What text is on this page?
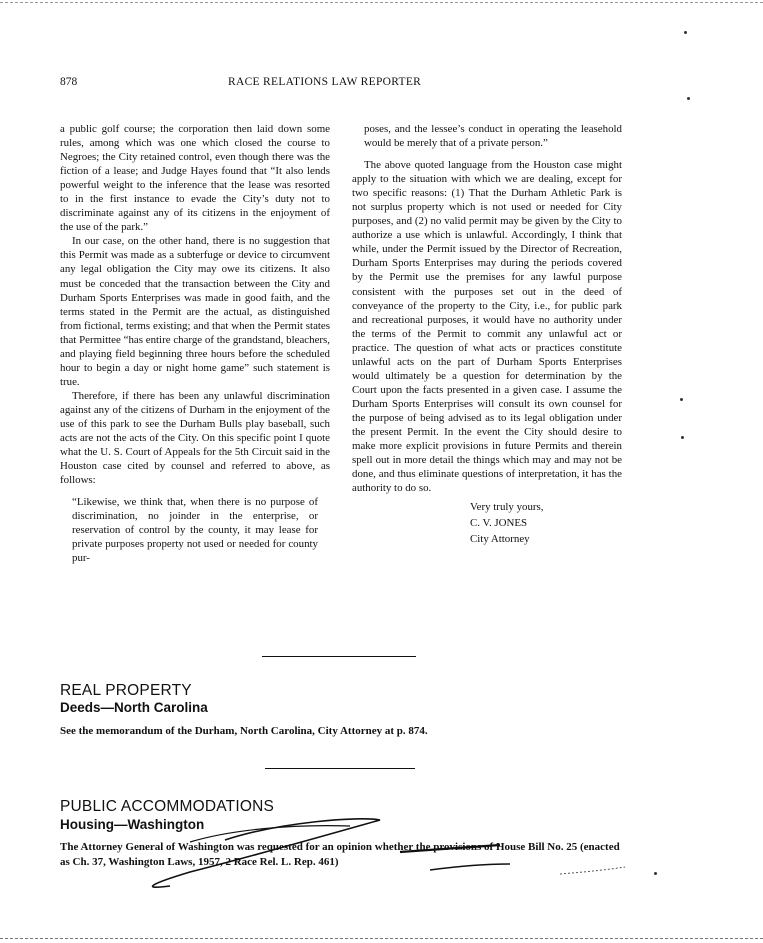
878	RACE RELATIONS LAW REPORTER

a public golf course; the corporation then laid down some rules, among which was one which closed the course to Negroes; the City retained control, even though there was the fiction of a lease; and Judge Hayes found that “It also lends powerful weight to the inference that the lease was resorted to in the first instance to evade the City’s duty not to discriminate against any of its citizens in the enjoyment of the use of the park.”

In our case, on the other hand, there is no suggestion that this Permit was made as a subterfuge or device to circumvent any legal obligation the City may owe its citizens. It also must be conceded that the transaction between the City and Durham Sports Enterprises was made in good faith, and the terms stated in the Permit are the actual, as distinguished from fictional, terms existing; and that when the Permit states that Permittee “has entire charge of the grandstand, bleachers, and playing field beginning three hours before the scheduled hour to begin a day or night home game” such statement is true.

Therefore, if there has been any unlawful discrimination against any of the citizens of Durham in the enjoyment of the use of this park to see the Durham Bulls play baseball, such acts are not the acts of the City. On this specific point I quote what the U. S. Court of Appeals for the 5th Circuit said in the Houston case cited by counsel and referred to above, as follows:

“Likewise, we think that, when there is no purpose of discrimination, no joinder in the enterprise, or reservation of control by the county, it may lease for private purposes property not used or needed for county pur-

poses, and the lessee’s conduct in operating the leasehold would be merely that of a private person.”

The above quoted language from the Houston case might apply to the situation with which we are dealing, except for two specific reasons: (1) That the Durham Athletic Park is not surplus property which is not used or needed for City purposes, and (2) no valid permit may be given by the City to authorize a use which is unlawful. Accordingly, I think that while, under the Permit issued by the Director of Recreation, Durham Sports Enterprises may during the periods covered by the Permit use the premises for any lawful purpose consistent with the purposes set out in the deed of conveyance of the property to the City, i.e., for public park and recreational purposes, it would have no authority under the terms of the Permit to commit any unlawful act or practice. The question of what acts or practices constitute unlawful acts on the part of Durham Sports Enterprises would ultimately be a question for determination by the Court upon the facts presented in a given case. I assume the Durham Sports Enterprises will consult its own counsel for the purpose of being advised as to its legal obligation under the present Permit. In the event the City should desire to make more explicit provisions in future Permits and therein spell out in more detail the things which may and may not be done, and thus eliminate questions of interpretation, it has the authority to do so.

Very truly yours,
C. V. JONES
City Attorney
REAL PROPERTY
Deeds—North Carolina
See the memorandum of the Durham, North Carolina, City Attorney at p. 874.
PUBLIC ACCOMMODATIONS
Housing—Washington
The Attorney General of Washington was requested for an opinion whether the provisions of House Bill No. 25 (enacted as Ch. 37, Washington Laws, 1957, 2 Race Rel. L. Rep. 461)
